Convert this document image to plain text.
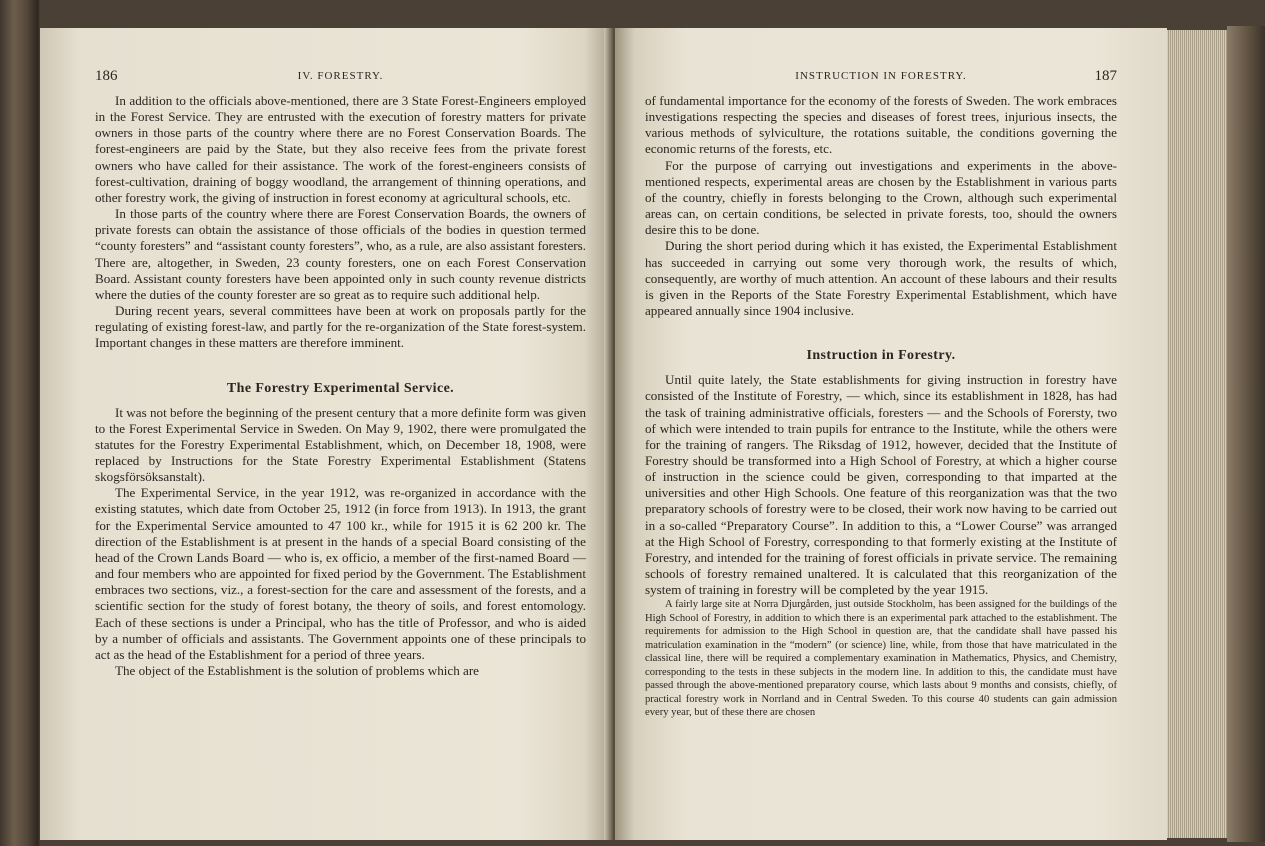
186	IV. FORESTRY.

In addition to the officials above-mentioned, there are 3 State Forest-Engineers employed in the Forest Service. They are entrusted with the execution of forestry matters for private owners in those parts of the country where there are no Forest Conservation Boards. The forest-engineers are paid by the State, but they also receive fees from the private forest owners who have called for their assistance. The work of the forest-engineers consists of forest-cultivation, draining of boggy woodland, the arrangement of thinning operations, and other forestry work, the giving of instruction in forest economy at agricultural schools, etc.

In those parts of the country where there are Forest Conservation Boards, the owners of private forests can obtain the assistance of those officials of the bodies in question termed “county foresters” and “assistant county foresters”, who, as a rule, are also assistant foresters. There are, altogether, in Sweden, 23 county foresters, one on each Forest Conservation Board. Assistant county foresters have been appointed only in such county revenue districts where the duties of the county forester are so great as to require such additional help.

During recent years, several committees have been at work on proposals partly for the regulating of existing forest-law, and partly for the re-organization of the State forest-system. Important changes in these matters are therefore imminent.

The Forestry Experimental Service.

It was not before the beginning of the present century that a more definite form was given to the Forest Experimental Service in Sweden. On May 9, 1902, there were promulgated the statutes for the Forestry Experimental Establishment, which, on December 18, 1908, were replaced by Instructions for the State Forestry Experimental Establishment (Statens skogsförsöksanstalt).

The Experimental Service, in the year 1912, was re-organized in accordance with the existing statutes, which date from October 25, 1912 (in force from 1913). In 1913, the grant for the Experimental Service amounted to 47 100 kr., while for 1915 it is 62 200 kr. The direction of the Establishment is at present in the hands of a special Board consisting of the head of the Crown Lands Board — who is, ex officio, a member of the first-named Board — and four members who are appointed for fixed period by the Government. The Establishment embraces two sections, viz., a forest-section for the care and assessment of the forests, and a scientific section for the study of forest botany, the theory of soils, and forest entomology. Each of these sections is under a Principal, who has the title of Professor, and who is aided by a number of officials and assistants. The Government appoints one of these principals to act as the head of the Establishment for a period of three years.

The object of the Establishment is the solution of problems which are

INSTRUCTION IN FORESTRY.	187

of fundamental importance for the economy of the forests of Sweden. The work embraces investigations respecting the species and diseases of forest trees, injurious insects, the various methods of sylviculture, the rotations suitable, the conditions governing the economic returns of the forests, etc.

For the purpose of carrying out investigations and experiments in the above-mentioned respects, experimental areas are chosen by the Establishment in various parts of the country, chiefly in forests belonging to the Crown, although such experimental areas can, on certain conditions, be selected in private forests, too, should the owners desire this to be done.

During the short period during which it has existed, the Experimental Establishment has succeeded in carrying out some very thorough work, the results of which, consequently, are worthy of much attention. An account of these labours and their results is given in the Reports of the State Forestry Experimental Establishment, which have appeared annually since 1904 inclusive.

Instruction in Forestry.

Until quite lately, the State establishments for giving instruction in forestry have consisted of the Institute of Forestry, — which, since its establishment in 1828, has had the task of training administrative officials, foresters — and the Schools of Forersty, two of which were intended to train pupils for entrance to the Institute, while the others were for the training of rangers. The Riksdag of 1912, however, decided that the Institute of Forestry should be transformed into a High School of Forestry, at which a higher course of instruction in the science could be given, corresponding to that imparted at the universities and other High Schools. One feature of this reorganization was that the two preparatory schools of forestry were to be closed, their work now having to be carried out in a so-called “Preparatory Course”. In addition to this, a “Lower Course” was arranged at the High School of Forestry, corresponding to that formerly existing at the Institute of Forestry, and intended for the training of forest officials in private service. The remaining schools of forestry remained unaltered. It is calculated that this reorganization of the system of training in forestry will be completed by the year 1915.

A fairly large site at Norra Djurgården, just outside Stockholm, has been assigned for the buildings of the High School of Forestry, in addition to which there is an experimental park attached to the establishment. The requirements for admission to the High School in question are, that the candidate shall have passed his matriculation examination in the “modern” (or science) line, while, from those that have matriculated in the classical line, there will be required a complementary examination in Mathematics, Physics, and Chemistry, corresponding to the tests in these subjects in the modern line. In addition to this, the candidate must have passed through the above-mentioned preparatory course, which lasts about 9 months and consists, chiefly, of practical forestry work in Norrland and in Central Sweden. To this course 40 students can gain admission every year, but of these there are chosen
